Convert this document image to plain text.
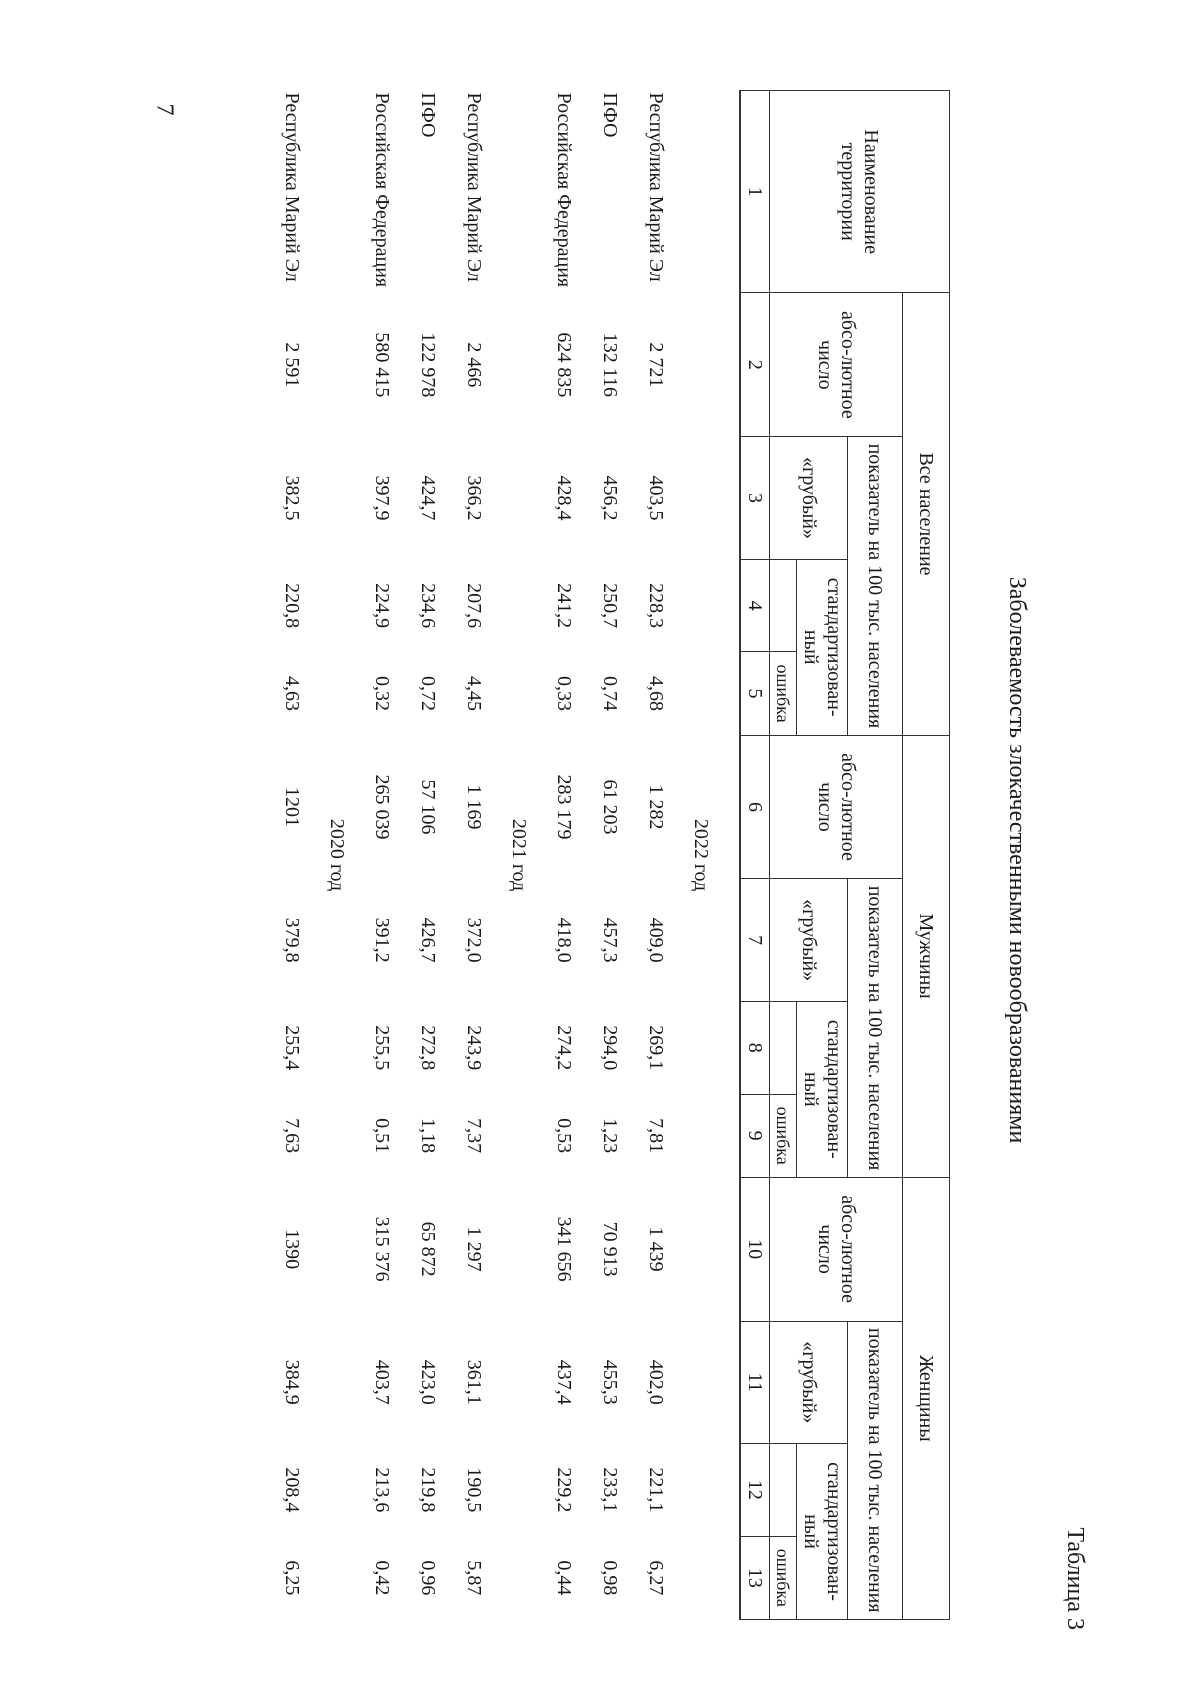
7
Таблица 3
Заболеваемость злокачественными новообразованиями
Наименование территории	Все население				Мужчины				Женщины			
	абсо-лютное число	показатель на 100 тыс. населения			абсо-лютное число	показатель на 100 тыс. населения			абсо-лютное число	показатель на 100 тыс. населения		
		«грубый»	стандартизован-ный			«грубый»	стандартизован-ный			«грубый»	стандартизован-ный	
				ошибка				ошибка				ошибка
1	2	3	4	5	6	7	8	9	10	11	12	13

2022 год												
Республика Марий Эл	2 721	403,5	228,3	4,68	1 282	409,0	269,1	7,81	1 439	402,0	221,1	6,27
ПФО	132 116	456,2	250,7	0,74	61 203	457,3	294,0	1,23	70 913	455,3	233,1	0,98
Российская Федерация	624 835	428,4	241,2	0,33	283 179	418,0	274,2	0,53	341 656	437,4	229,2	0,44
2021 год												
Республика Марий Эл	2 466	366,2	207,6	4,45	1 169	372,0	243,9	7,37	1 297	361,1	190,5	5,87
ПФО	122 978	424,7	234,6	0,72	57 106	426,7	272,8	1,18	65 872	423,0	219,8	0,96
Российская Федерация	580 415	397,9	224,9	0,32	265 039	391,2	255,5	0,51	315 376	403,7	213,6	0,42
2020 год												
Республика Марий Эл	2 591	382,5	220,8	4,63	1201	379,8	255,4	7,63	1390	384,9	208,4	6,25
